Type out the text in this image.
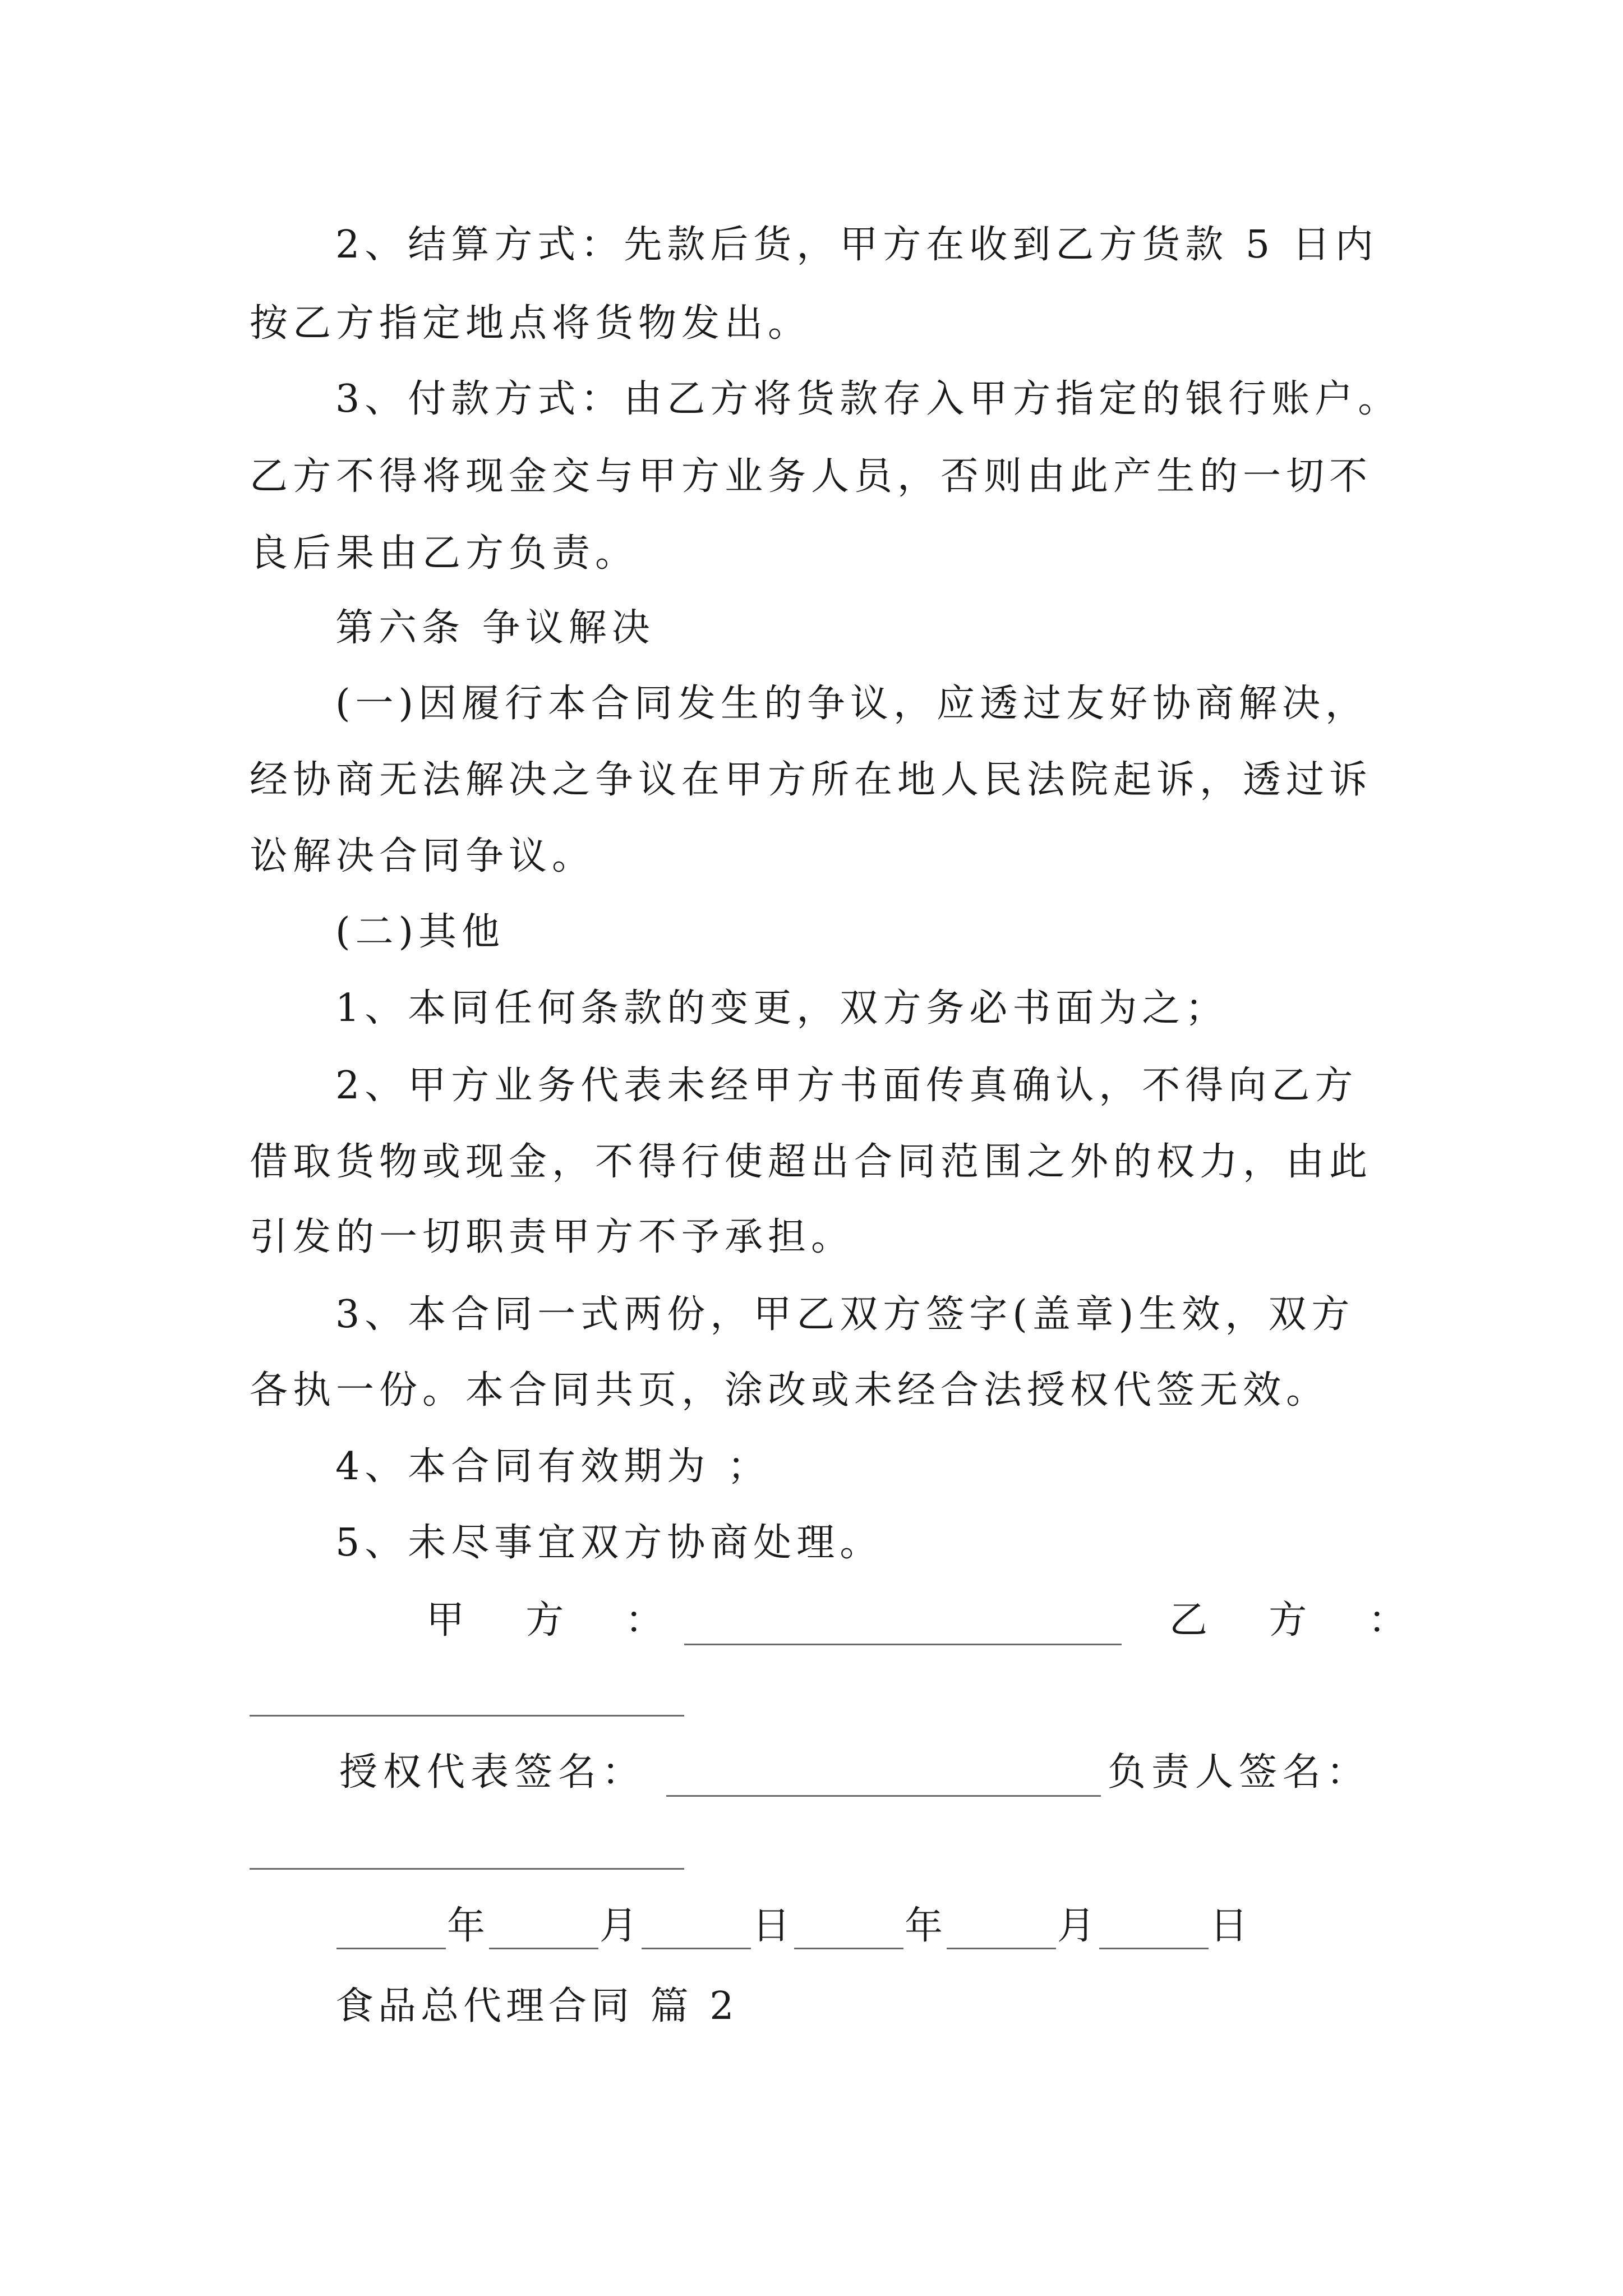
2、结算方式：先款后货，甲方在收到乙方货款 5 日内

按乙方指定地点将货物发出。

3、付款方式：由乙方将货款存入甲方指定的银行账户。

乙方不得将现金交与甲方业务人员，否则由此产生的一切不

良后果由乙方负责。

第六条 争议解决

(一)因履行本合同发生的争议，应透过友好协商解决，

经协商无法解决之争议在甲方所在地人民法院起诉，透过诉

讼解决合同争议。

(二)其他

1、本同任何条款的变更，双方务必书面为之；

2、甲方业务代表未经甲方书面传真确认，不得向乙方

借取货物或现金，不得行使超出合同范围之外的权力，由此

引发的一切职责甲方不予承担。

3、本合同一式两份，甲乙双方签字(盖章)生效，双方

各执一份。本合同共页，涂改或未经合法授权代签无效。

4、本合同有效期为 ；

5、未尽事宜双方协商处理。

甲  方  ：	乙  方  ：
授权代表签名：	负责人签名：
年	月	日	年	月	日

食品总代理合同 篇 2
